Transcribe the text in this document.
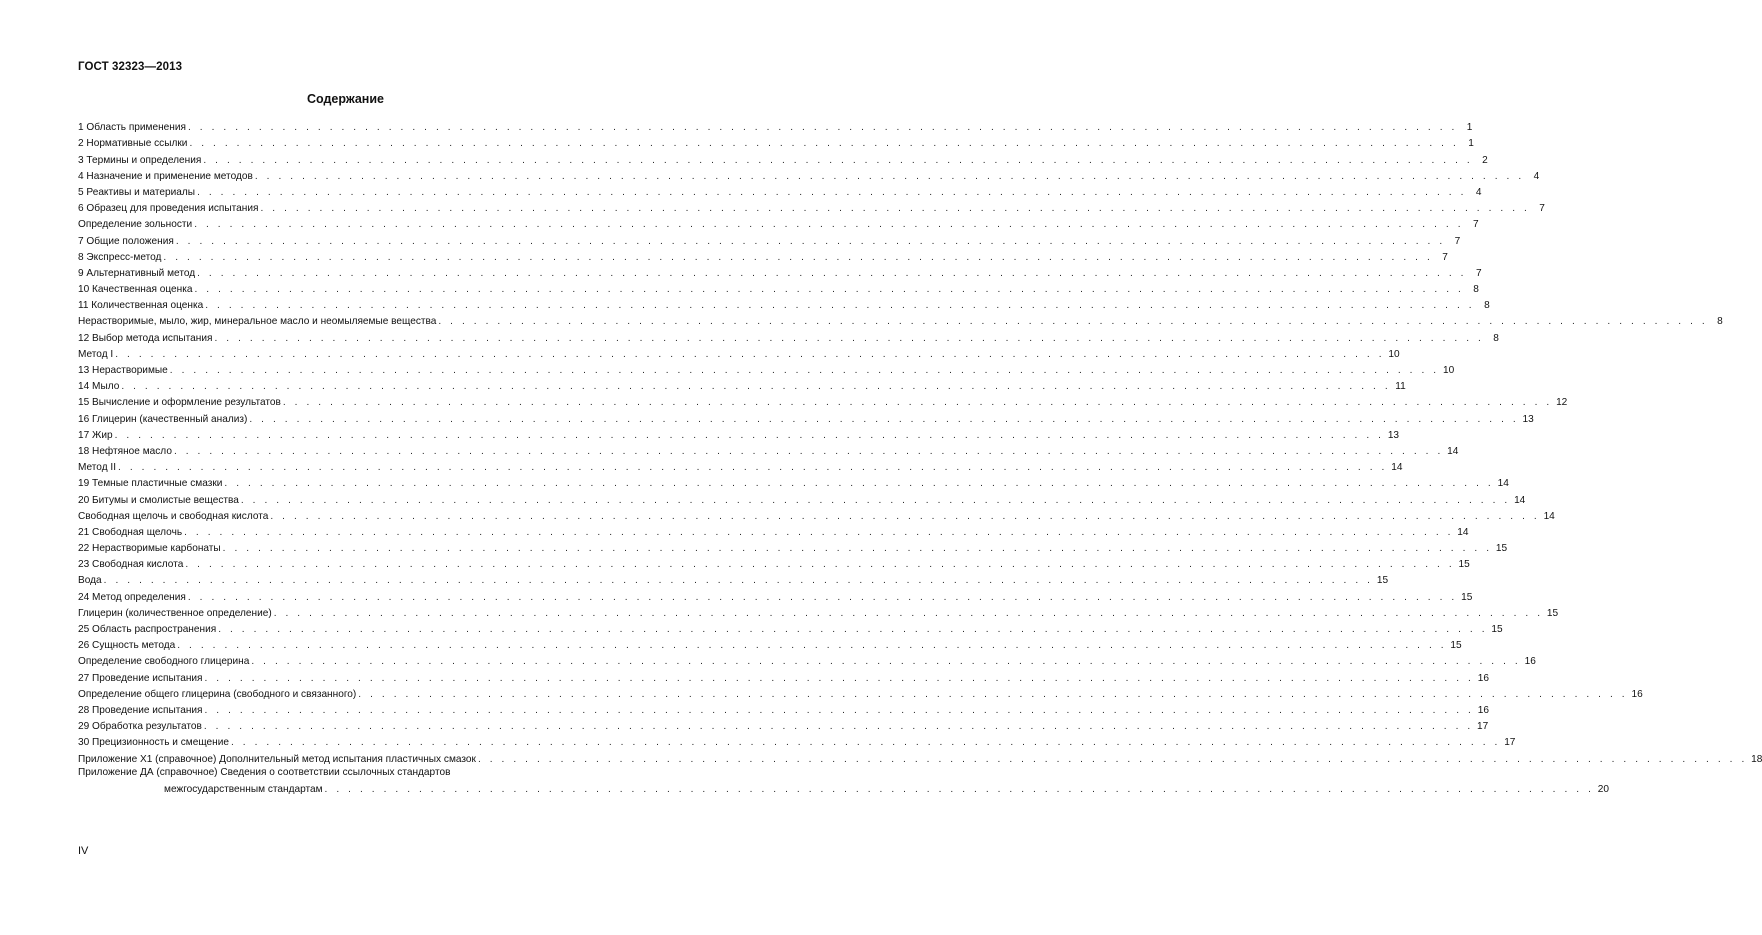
ГОСТ 32323—2013
Содержание
1 Область применения . . . . . . . . . . . . . . . . . . . . . . . . . . . . . . . . . . . . . . . . . . . . . . . . . . . . . . . . . . . . . . . . . . . . . . . . . . . . . . . . . . . . . . . . . . . . . . . . . . . . . . . . . . . . 1
2 Нормативные ссылки . . . . . . . . . . . . . . . . . . . . . . . . . . . . . . . . . . . . . . . . . . . . . . . . . . . . . . . . . . . . . . . . . . . . . . . . . . . . . . . . . . . . . . . . . . . . . . . . . . . . . . . . . . . . 1
3 Термины и определения . . . . . . . . . . . . . . . . . . . . . . . . . . . . . . . . . . . . . . . . . . . . . . . . . . . . . . . . . . . . . . . . . . . . . . . . . . . . . . . . . . . . . . . . . . . . . . . . . . . . . . . . . . . . 2
4 Назначение и применение методов . . . . . . . . . . . . . . . . . . . . . . . . . . . . . . . . . . . . . . . . . . . . . . . . . . . . . . . . . . . . . . . . . . . . . . . . . . . . . . . . . . . . . . . . . . . . . . . . . . . . . . . . . . . . 4
5 Реактивы и материалы . . . . . . . . . . . . . . . . . . . . . . . . . . . . . . . . . . . . . . . . . . . . . . . . . . . . . . . . . . . . . . . . . . . . . . . . . . . . . . . . . . . . . . . . . . . . . . . . . . . . . . . . . . . . 4
6 Образец для проведения испытания . . . . . . . . . . . . . . . . . . . . . . . . . . . . . . . . . . . . . . . . . . . . . . . . . . . . . . . . . . . . . . . . . . . . . . . . . . . . . . . . . . . . . . . . . . . . . . . . . . . . . . . . . . . . 7
Определение зольности . . . . . . . . . . . . . . . . . . . . . . . . . . . . . . . . . . . . . . . . . . . . . . . . . . . . . . . . . . . . . . . . . . . . . . . . . . . . . . . . . . . . . . . . . . . . . . . . . . . . . . . . . . . . 7
7 Общие положения . . . . . . . . . . . . . . . . . . . . . . . . . . . . . . . . . . . . . . . . . . . . . . . . . . . . . . . . . . . . . . . . . . . . . . . . . . . . . . . . . . . . . . . . . . . . . . . . . . . . . . . . . . . . 7
8 Экспресс-метод . . . . . . . . . . . . . . . . . . . . . . . . . . . . . . . . . . . . . . . . . . . . . . . . . . . . . . . . . . . . . . . . . . . . . . . . . . . . . . . . . . . . . . . . . . . . . . . . . . . . . . . . . . . . 7
9 Альтернативный метод . . . . . . . . . . . . . . . . . . . . . . . . . . . . . . . . . . . . . . . . . . . . . . . . . . . . . . . . . . . . . . . . . . . . . . . . . . . . . . . . . . . . . . . . . . . . . . . . . . . . . . . . . . . . 7
10 Качественная оценка . . . . . . . . . . . . . . . . . . . . . . . . . . . . . . . . . . . . . . . . . . . . . . . . . . . . . . . . . . . . . . . . . . . . . . . . . . . . . . . . . . . . . . . . . . . . . . . . . . . . . . . . . . . . 8
11 Количественная оценка . . . . . . . . . . . . . . . . . . . . . . . . . . . . . . . . . . . . . . . . . . . . . . . . . . . . . . . . . . . . . . . . . . . . . . . . . . . . . . . . . . . . . . . . . . . . . . . . . . . . . . . . . . . . 8
Нерастворимые, мыло, жир, минеральное масло и неомыляемые вещества . . . . . . . . . . . . . . . . . . . . . . . . . . . . . . . . . . . . . . . . . . . . . . . . . . . . . . . . . . . . . . . . . . . . . . . . . . . . . . . . . . . . . . . . . . . . . . . . . . . . . . . . . . . . 8
12 Выбор метода испытания . . . . . . . . . . . . . . . . . . . . . . . . . . . . . . . . . . . . . . . . . . . . . . . . . . . . . . . . . . . . . . . . . . . . . . . . . . . . . . . . . . . . . . . . . . . . . . . . . . . . . . . . . . . . 8
Метод I . . . . . . . . . . . . . . . . . . . . . . . . . . . . . . . . . . . . . . . . . . . . . . . . . . . . . . . . . . . . . . . . . . . . . . . . . . . . . . . . . . . . . . . . . . . . . . . . . . . . . . . . . . . . 10
13 Нерастворимые . . . . . . . . . . . . . . . . . . . . . . . . . . . . . . . . . . . . . . . . . . . . . . . . . . . . . . . . . . . . . . . . . . . . . . . . . . . . . . . . . . . . . . . . . . . . . . . . . . . . . . . . . . . . 10
14 Мыло . . . . . . . . . . . . . . . . . . . . . . . . . . . . . . . . . . . . . . . . . . . . . . . . . . . . . . . . . . . . . . . . . . . . . . . . . . . . . . . . . . . . . . . . . . . . . . . . . . . . . . . . . . . . 11
15 Вычисление и оформление результатов . . . . . . . . . . . . . . . . . . . . . . . . . . . . . . . . . . . . . . . . . . . . . . . . . . . . . . . . . . . . . . . . . . . . . . . . . . . . . . . . . . . . . . . . . . . . . . . . . . . . . . . . . . . . 12
16 Глицерин (качественный анализ) . . . . . . . . . . . . . . . . . . . . . . . . . . . . . . . . . . . . . . . . . . . . . . . . . . . . . . . . . . . . . . . . . . . . . . . . . . . . . . . . . . . . . . . . . . . . . . . . . . . . . . . . . . . . 13
17 Жир . . . . . . . . . . . . . . . . . . . . . . . . . . . . . . . . . . . . . . . . . . . . . . . . . . . . . . . . . . . . . . . . . . . . . . . . . . . . . . . . . . . . . . . . . . . . . . . . . . . . . . . . . . . . 13
18 Нефтяное масло . . . . . . . . . . . . . . . . . . . . . . . . . . . . . . . . . . . . . . . . . . . . . . . . . . . . . . . . . . . . . . . . . . . . . . . . . . . . . . . . . . . . . . . . . . . . . . . . . . . . . . . . . . . . 14
Метод II . . . . . . . . . . . . . . . . . . . . . . . . . . . . . . . . . . . . . . . . . . . . . . . . . . . . . . . . . . . . . . . . . . . . . . . . . . . . . . . . . . . . . . . . . . . . . . . . . . . . . . . . . . . . 14
19 Темные пластичные смазки . . . . . . . . . . . . . . . . . . . . . . . . . . . . . . . . . . . . . . . . . . . . . . . . . . . . . . . . . . . . . . . . . . . . . . . . . . . . . . . . . . . . . . . . . . . . . . . . . . . . . . . . . . . . 14
20 Битумы и смолистые вещества . . . . . . . . . . . . . . . . . . . . . . . . . . . . . . . . . . . . . . . . . . . . . . . . . . . . . . . . . . . . . . . . . . . . . . . . . . . . . . . . . . . . . . . . . . . . . . . . . . . . . . . . . . . . 14
Свободная щелочь и свободная кислота . . . . . . . . . . . . . . . . . . . . . . . . . . . . . . . . . . . . . . . . . . . . . . . . . . . . . . . . . . . . . . . . . . . . . . . . . . . . . . . . . . . . . . . . . . . . . . . . . . . . . . . . . . . . 14
21 Свободная щелочь . . . . . . . . . . . . . . . . . . . . . . . . . . . . . . . . . . . . . . . . . . . . . . . . . . . . . . . . . . . . . . . . . . . . . . . . . . . . . . . . . . . . . . . . . . . . . . . . . . . . . . . . . . . . 14
22 Нерастворимые карбонаты . . . . . . . . . . . . . . . . . . . . . . . . . . . . . . . . . . . . . . . . . . . . . . . . . . . . . . . . . . . . . . . . . . . . . . . . . . . . . . . . . . . . . . . . . . . . . . . . . . . . . . . . . . . . 15
23 Свободная кислота . . . . . . . . . . . . . . . . . . . . . . . . . . . . . . . . . . . . . . . . . . . . . . . . . . . . . . . . . . . . . . . . . . . . . . . . . . . . . . . . . . . . . . . . . . . . . . . . . . . . . . . . . . . . 15
Вода . . . . . . . . . . . . . . . . . . . . . . . . . . . . . . . . . . . . . . . . . . . . . . . . . . . . . . . . . . . . . . . . . . . . . . . . . . . . . . . . . . . . . . . . . . . . . . . . . . . . . . . . . . . . 15
24 Метод определения . . . . . . . . . . . . . . . . . . . . . . . . . . . . . . . . . . . . . . . . . . . . . . . . . . . . . . . . . . . . . . . . . . . . . . . . . . . . . . . . . . . . . . . . . . . . . . . . . . . . . . . . . . . . 15
Глицерин (количественное определение) . . . . . . . . . . . . . . . . . . . . . . . . . . . . . . . . . . . . . . . . . . . . . . . . . . . . . . . . . . . . . . . . . . . . . . . . . . . . . . . . . . . . . . . . . . . . . . . . . . . . . . . . . . . . 15
25 Область распространения . . . . . . . . . . . . . . . . . . . . . . . . . . . . . . . . . . . . . . . . . . . . . . . . . . . . . . . . . . . . . . . . . . . . . . . . . . . . . . . . . . . . . . . . . . . . . . . . . . . . . . . . . . . . 15
26 Сущность метода . . . . . . . . . . . . . . . . . . . . . . . . . . . . . . . . . . . . . . . . . . . . . . . . . . . . . . . . . . . . . . . . . . . . . . . . . . . . . . . . . . . . . . . . . . . . . . . . . . . . . . . . . . . . 15
Определение свободного глицерина . . . . . . . . . . . . . . . . . . . . . . . . . . . . . . . . . . . . . . . . . . . . . . . . . . . . . . . . . . . . . . . . . . . . . . . . . . . . . . . . . . . . . . . . . . . . . . . . . . . . . . . . . . . . 16
27 Проведение испытания . . . . . . . . . . . . . . . . . . . . . . . . . . . . . . . . . . . . . . . . . . . . . . . . . . . . . . . . . . . . . . . . . . . . . . . . . . . . . . . . . . . . . . . . . . . . . . . . . . . . . . . . . . . . 16
Определение общего глицерина (свободного и связанного) . . . . . . . . . . . . . . . . . . . . . . . . . . . . . . . . . . . . . . . . . . . . . . . . . . . . . . . . . . . . . . . . . . . . . . . . . . . . . . . . . . . . . . . . . . . . . . . . . . . . . . . . . . . . 16
28 Проведение испытания . . . . . . . . . . . . . . . . . . . . . . . . . . . . . . . . . . . . . . . . . . . . . . . . . . . . . . . . . . . . . . . . . . . . . . . . . . . . . . . . . . . . . . . . . . . . . . . . . . . . . . . . . . . . 16
29 Обработка результатов . . . . . . . . . . . . . . . . . . . . . . . . . . . . . . . . . . . . . . . . . . . . . . . . . . . . . . . . . . . . . . . . . . . . . . . . . . . . . . . . . . . . . . . . . . . . . . . . . . . . . . . . . . . . 17
30 Прецизионность и смещение . . . . . . . . . . . . . . . . . . . . . . . . . . . . . . . . . . . . . . . . . . . . . . . . . . . . . . . . . . . . . . . . . . . . . . . . . . . . . . . . . . . . . . . . . . . . . . . . . . . . . . . . . . . . 17
Приложение Х1 (справочное) Дополнительный метод испытания пластичных смазок . . . . . . . . . . . . . . . . . . . . . . . . . . . . . . . . . . . . . . . . . . . . . . . . . . . . . . . . . . . . . . . . . . . . . . . . . . . . . . . . . . . . . . . . . . . . . . . . . . . . . . . . . . . . 18
Приложение ДА (справочное) Сведения о соответствии ссылочных стандартов
межгосударственным стандартам . . . . . . . . . . . . . . . . . . . . . . . . . . . . . . . . . . . . . . . . . . . . . . . . . . . . . . . . . . . . . . . . . . . . . . . . . . . . . . . . . . . . . . . . . . . . . . . . . . . . . . . . . . . . 20
IV
